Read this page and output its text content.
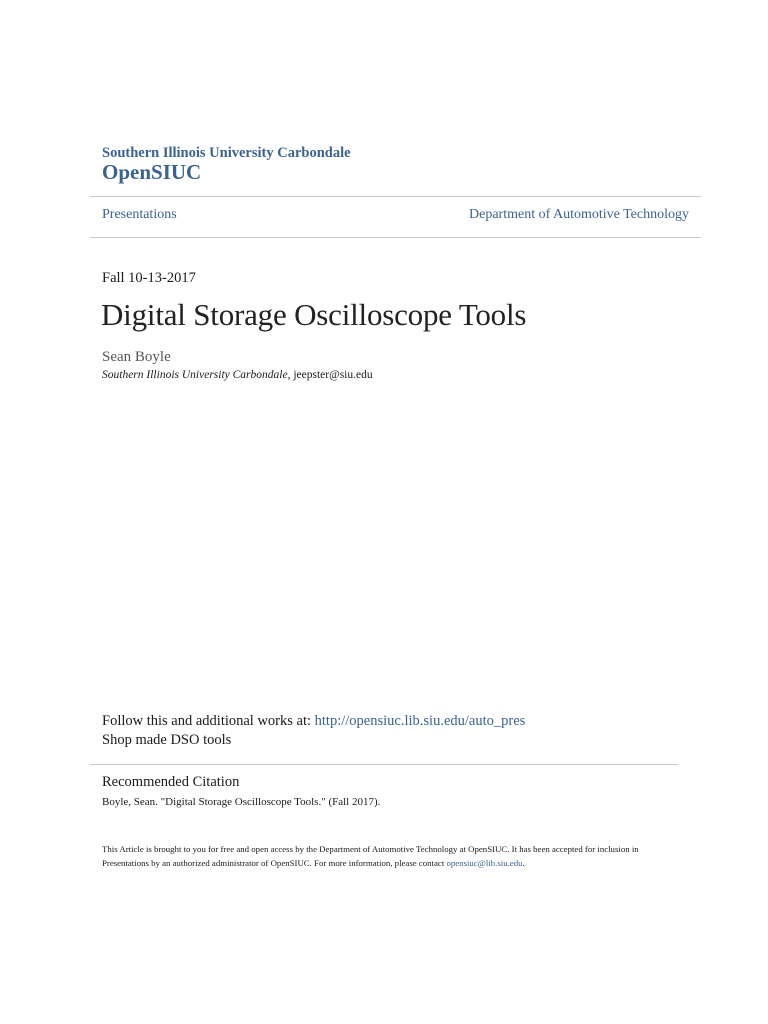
Southern Illinois University Carbondale
OpenSIUC
Presentations	Department of Automotive Technology
Fall 10-13-2017
Digital Storage Oscilloscope Tools
Sean Boyle
Southern Illinois University Carbondale, jeepster@siu.edu
Follow this and additional works at: http://opensiuc.lib.siu.edu/auto_pres
Shop made DSO tools
Recommended Citation
Boyle, Sean. "Digital Storage Oscilloscope Tools." (Fall 2017).

This Article is brought to you for free and open access by the Department of Automotive Technology at OpenSIUC. It has been accepted for inclusion in Presentations by an authorized administrator of OpenSIUC. For more information, please contact opensiuc@lib.siu.edu.
